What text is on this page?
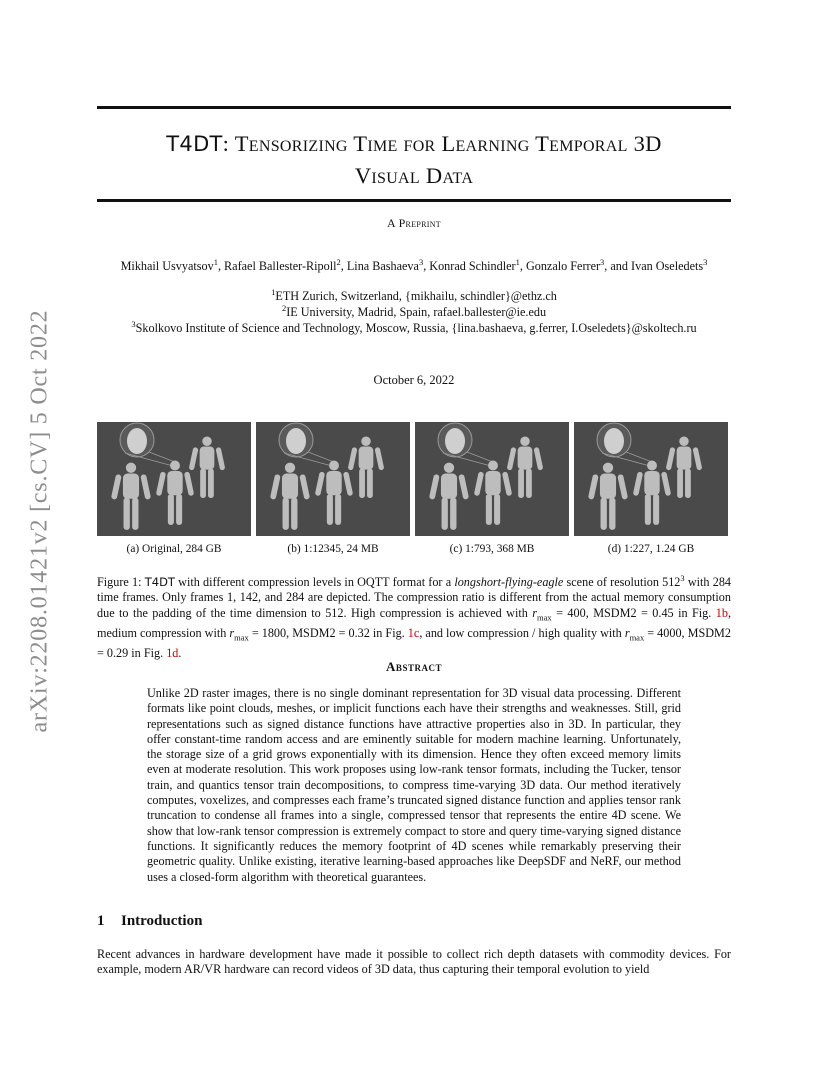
arXiv:2208.01421v2 [cs.CV] 5 Oct 2022
T4DT: Tensorizing Time for Learning Temporal 3D
Visual Data
A Preprint
Mikhail Usvyatsov$^1$, Rafael Ballester-Ripoll$^2$, Lina Bashaeva$^3$, Konrad Schindler$^1$, Gonzalo Ferrer$^3$, and Ivan Oseledets$^3$
$^1$ETH Zurich, Switzerland, {mikhailu, schindler}@ethz.ch
$^2$IE University, Madrid, Spain, rafael.ballester@ie.edu
$^3$Skolkovo Institute of Science and Technology, Moscow, Russia, {lina.bashaeva, g.ferrer, I.Oseledets}@skoltech.ru
October 6, 2022
(a) Original, 284 GB	(b) 1:12345, 24 MB	(c) 1:793, 368 MB	(d) 1:227, 1.24 GB
Figure 1: T4DT with different compression levels in OQTT format for a longshort-flying-eagle scene of resolution $512^3$ with 284 time frames. Only frames 1, 142, and 284 are depicted. The compression ratio is different from the actual memory consumption due to the padding of the time dimension to 512. High compression is achieved with $r_{max} = 400$, MSDM2 = 0.45 in Fig. 1b, medium compression with $r_{max} = 1800$, MSDM2 = 0.32 in Fig. 1c, and low compression / high quality with $r_{max} = 4000$, MSDM2 = 0.29 in Fig. 1d.
Abstract
Unlike 2D raster images, there is no single dominant representation for 3D visual data processing. Different formats like point clouds, meshes, or implicit functions each have their strengths and weaknesses. Still, grid representations such as signed distance functions have attractive properties also in 3D. In particular, they offer constant-time random access and are eminently suitable for modern machine learning. Unfortunately, the storage size of a grid grows exponentially with its dimension. Hence they often exceed memory limits even at moderate resolution. This work proposes using low-rank tensor formats, including the Tucker, tensor train, and quantics tensor train decompositions, to compress time-varying 3D data. Our method iteratively computes, voxelizes, and compresses each frame’s truncated signed distance function and applies tensor rank truncation to condense all frames into a single, compressed tensor that represents the entire 4D scene. We show that low-rank tensor compression is extremely compact to store and query time-varying signed distance functions. It significantly reduces the memory footprint of 4D scenes while remarkably preserving their geometric quality. Unlike existing, iterative learning-based approaches like DeepSDF and NeRF, our method uses a closed-form algorithm with theoretical guarantees.
1 Introduction
Recent advances in hardware development have made it possible to collect rich depth datasets with commodity devices. For example, modern AR/VR hardware can record videos of 3D data, thus capturing their temporal evolution to yield
